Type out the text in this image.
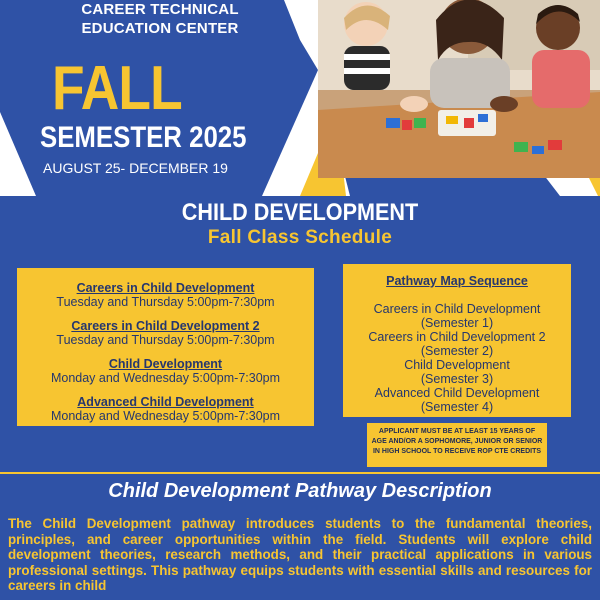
CAREER TECHNICAL
EDUCATION CENTER
FALL
SEMESTER 2025
AUGUST 25- DECEMBER 19
CHILD DEVELOPMENT
Fall Class Schedule
Careers in Child Development
Tuesday and Thursday 5:00pm-7:30pm
Careers in Child Development 2
Tuesday and Thursday 5:00pm-7:30pm
Child Development
Monday and Wednesday 5:00pm-7:30pm
Advanced Child Development
Monday and Wednesday 5:00pm-7:30pm
Pathway Map Sequence
Careers in Child Development
(Semester 1)
Careers in Child Development 2
(Semester 2)
Child Development
(Semester 3)
Advanced Child Development
(Semester 4)
APPLICANT MUST BE AT LEAST 15 YEARS OF AGE AND/OR A SOPHOMORE, JUNIOR OR SENIOR IN HIGH SCHOOL TO RECEIVE ROP CTE CREDITS
Child Development Pathway Description
The Child Development pathway introduces students to the fundamental theories, principles, and career opportunities within the field. Students will explore child development theories, research methods, and their practical applications in various professional settings. This pathway equips students with essential skills and resources for careers in child
